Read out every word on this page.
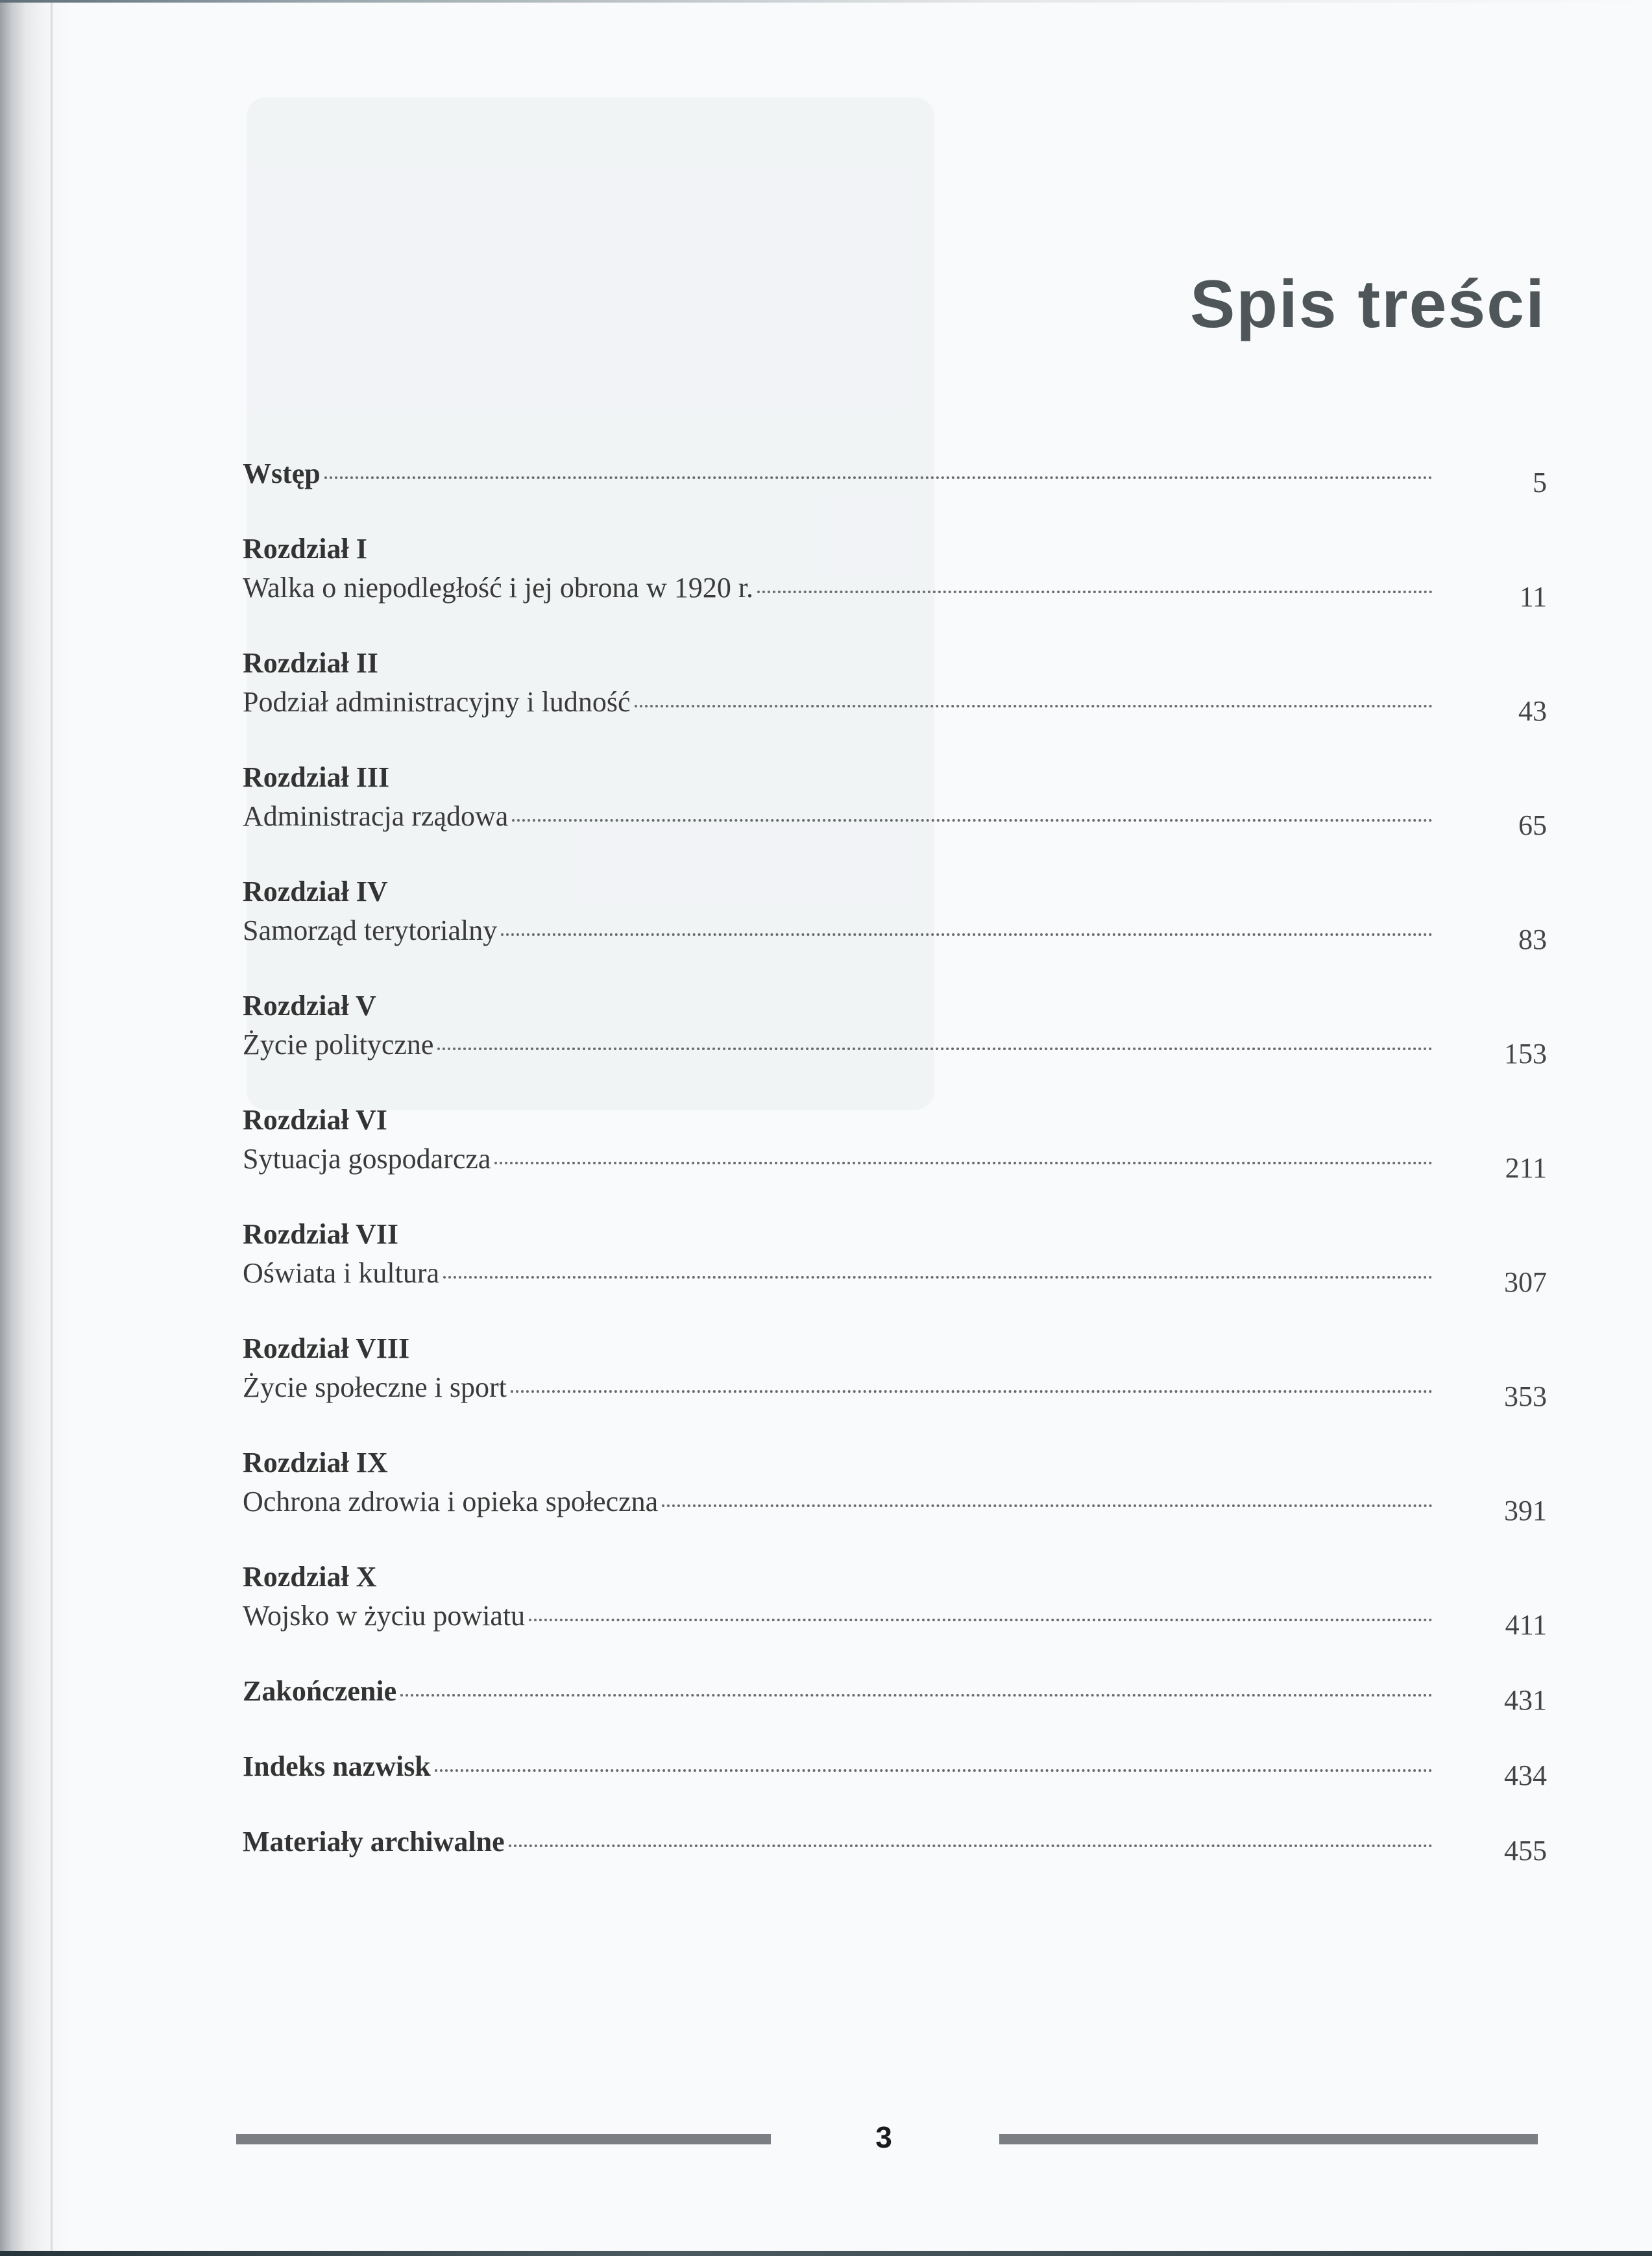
Spis treści
Wstęp	5
Rozdział I
Walka o niepodległość i jej obrona w 1920 r.	11
Rozdział II
Podział administracyjny i ludność	43
Rozdział III
Administracja rządowa	65
Rozdział IV
Samorząd terytorialny	83
Rozdział V
Życie polityczne	153
Rozdział VI
Sytuacja gospodarcza	211
Rozdział VII
Oświata i kultura	307
Rozdział VIII
Życie społeczne i sport	353
Rozdział IX
Ochrona zdrowia i opieka społeczna	391
Rozdział X
Wojsko w życiu powiatu	411
Zakończenie	431
Indeks nazwisk	434
Materiały archiwalne	455
3
